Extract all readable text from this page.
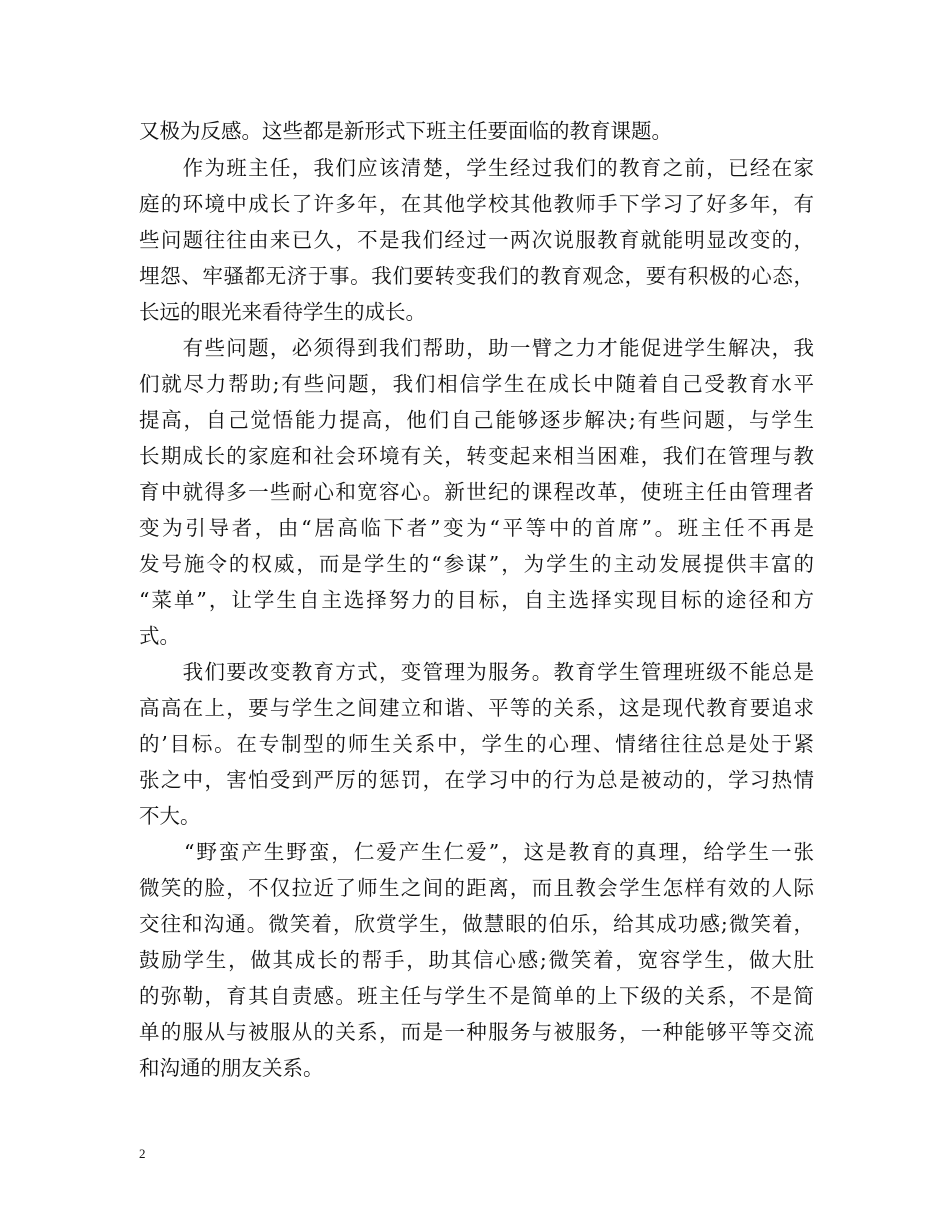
又极为反感。这些都是新形式下班主任要面临的教育课题。
　　作为班主任，我们应该清楚，学生经过我们的教育之前，已经在家
庭的环境中成长了许多年，在其他学校其他教师手下学习了好多年，有
些问题往往由来已久，不是我们经过一两次说服教育就能明显改变的，
埋怨、牢骚都无济于事。我们要转变我们的教育观念，要有积极的心态，
长远的眼光来看待学生的成长。
　　有些问题，必须得到我们帮助，助一臂之力才能促进学生解决，我
们就尽力帮助;有些问题，我们相信学生在成长中随着自己受教育水平
提高，自己觉悟能力提高，他们自己能够逐步解决;有些问题，与学生
长期成长的家庭和社会环境有关，转变起来相当困难，我们在管理与教
育中就得多一些耐心和宽容心。新世纪的课程改革，使班主任由管理者
变为引导者，由“居高临下者”变为“平等中的首席”。班主任不再是
发号施令的权威，而是学生的“参谋”，为学生的主动发展提供丰富的
“菜单”，让学生自主选择努力的目标，自主选择实现目标的途径和方
式。
　　我们要改变教育方式，变管理为服务。教育学生管理班级不能总是
高高在上，要与学生之间建立和谐、平等的关系，这是现代教育要追求
的’目标。在专制型的师生关系中，学生的心理、情绪往往总是处于紧
张之中，害怕受到严厉的惩罚，在学习中的行为总是被动的，学习热情
不大。
　　“野蛮产生野蛮，仁爱产生仁爱”，这是教育的真理，给学生一张
微笑的脸，不仅拉近了师生之间的距离，而且教会学生怎样有效的人际
交往和沟通。微笑着，欣赏学生，做慧眼的伯乐，给其成功感;微笑着，
鼓励学生，做其成长的帮手，助其信心感;微笑着，宽容学生，做大肚
的弥勒，育其自责感。班主任与学生不是简单的上下级的关系，不是简
单的服从与被服从的关系，而是一种服务与被服务，一种能够平等交流
和沟通的朋友关系。
2
